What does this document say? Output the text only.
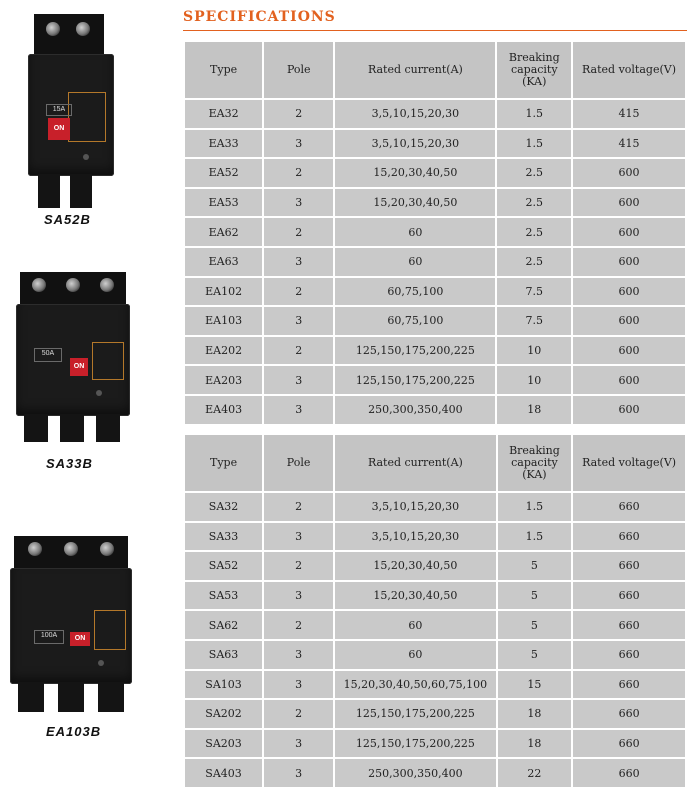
15A
ON
SA52B
50A
ON
SA33B
100A	ON
EA103B
SPECIFICATIONS
Type	Pole	Rated current(A)	Breaking capacity (KA)	Rated voltage(V)
EA32	2	3,5,10,15,20,30	1.5	415
EA33	3	3,5,10,15,20,30	1.5	415
EA52	2	15,20,30,40,50	2.5	600
EA53	3	15,20,30,40,50	2.5	600
EA62	2	60	2.5	600
EA63	3	60	2.5	600
EA102	2	60,75,100	7.5	600
EA103	3	60,75,100	7.5	600
EA202	2	125,150,175,200,225	10	600
EA203	3	125,150,175,200,225	10	600
EA403	3	250,300,350,400	18	600
Type	Pole	Rated current(A)	Breaking capacity (KA)	Rated voltage(V)
SA32	2	3,5,10,15,20,30	1.5	660
SA33	3	3,5,10,15,20,30	1.5	660
SA52	2	15,20,30,40,50	5	660
SA53	3	15,20,30,40,50	5	660
SA62	2	60	5	660
SA63	3	60	5	660
SA103	3	15,20,30,40,50,60,75,100	15	660
SA202	2	125,150,175,200,225	18	660
SA203	3	125,150,175,200,225	18	660
SA403	3	250,300,350,400	22	660
